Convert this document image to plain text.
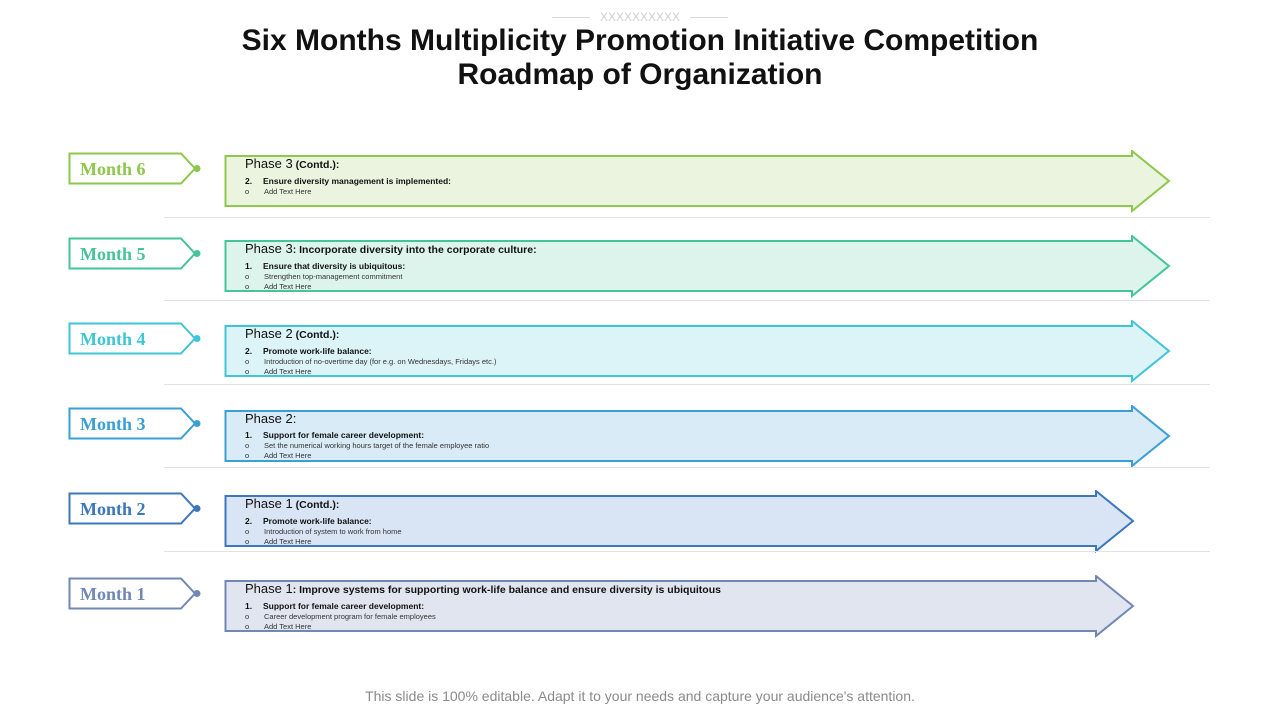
XXXXXXXXXX
Six Months Multiplicity Promotion Initiative Competition
Roadmap of Organization
Month 6	Phase 3 (Contd.):
2. Ensure diversity management is implemented:
o Add Text Here
Month 5	Phase 3: Incorporate diversity into the corporate culture:
1. Ensure that diversity is ubiquitous:
o Strengthen top-management commitment
o Add Text Here
Month 4	Phase 2 (Contd.):
2. Promote work-life balance:
o Introduction of no-overtime day (for e.g. on Wednesdays, Fridays etc.)
o Add Text Here
Month 3	Phase 2:
1. Support for female career development:
o Set the numerical working hours target of the female employee ratio
o Add Text Here
Month 2	Phase 1 (Contd.):
2. Promote work-life balance:
o Introduction of system to work from home
o Add Text Here
Month 1	Phase 1: Improve systems for supporting work-life balance and ensure diversity is ubiquitous
1. Support for female career development:
o Career development program for female employees
o Add Text Here
This slide is 100% editable. Adapt it to your needs and capture your audience's attention.
